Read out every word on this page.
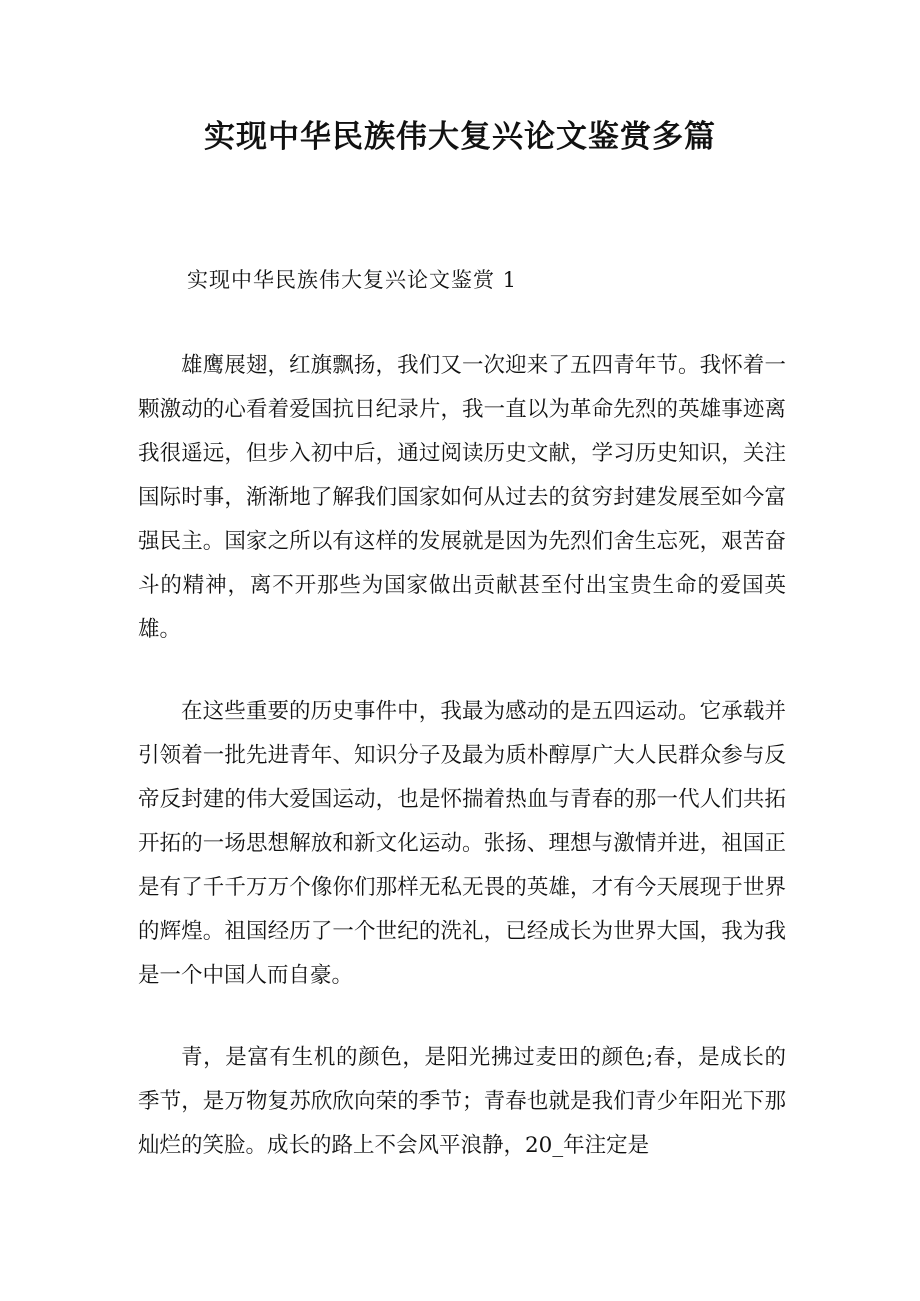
实现中华民族伟大复兴论文鉴赏多篇
实现中华民族伟大复兴论文鉴赏 1

雄鹰展翅，红旗飘扬，我们又一次迎来了五四青年节。我怀着一颗激动的心看着爱国抗日纪录片，我一直以为革命先烈的英雄事迹离我很遥远，但步入初中后，通过阅读历史文献，学习历史知识，关注国际时事，渐渐地了解我们国家如何从过去的贫穷封建发展至如今富强民主。国家之所以有这样的发展就是因为先烈们舍生忘死，艰苦奋斗的精神，离不开那些为国家做出贡献甚至付出宝贵生命的爱国英雄。

在这些重要的历史事件中，我最为感动的是五四运动。它承载并引领着一批先进青年、知识分子及最为质朴醇厚广大人民群众参与反帝反封建的伟大爱国运动，也是怀揣着热血与青春的那一代人们共拓开拓的一场思想解放和新文化运动。张扬、理想与激情并进，祖国正是有了千千万万个像你们那样无私无畏的英雄，才有今天展现于世界的辉煌。祖国经历了一个世纪的洗礼，已经成长为世界大国，我为我是一个中国人而自豪。

青，是富有生机的颜色，是阳光拂过麦田的颜色;春，是成长的季节，是万物复苏欣欣向荣的季节；青春也就是我们青少年阳光下那灿烂的笑脸。成长的路上不会风平浪静，20_年注定是
